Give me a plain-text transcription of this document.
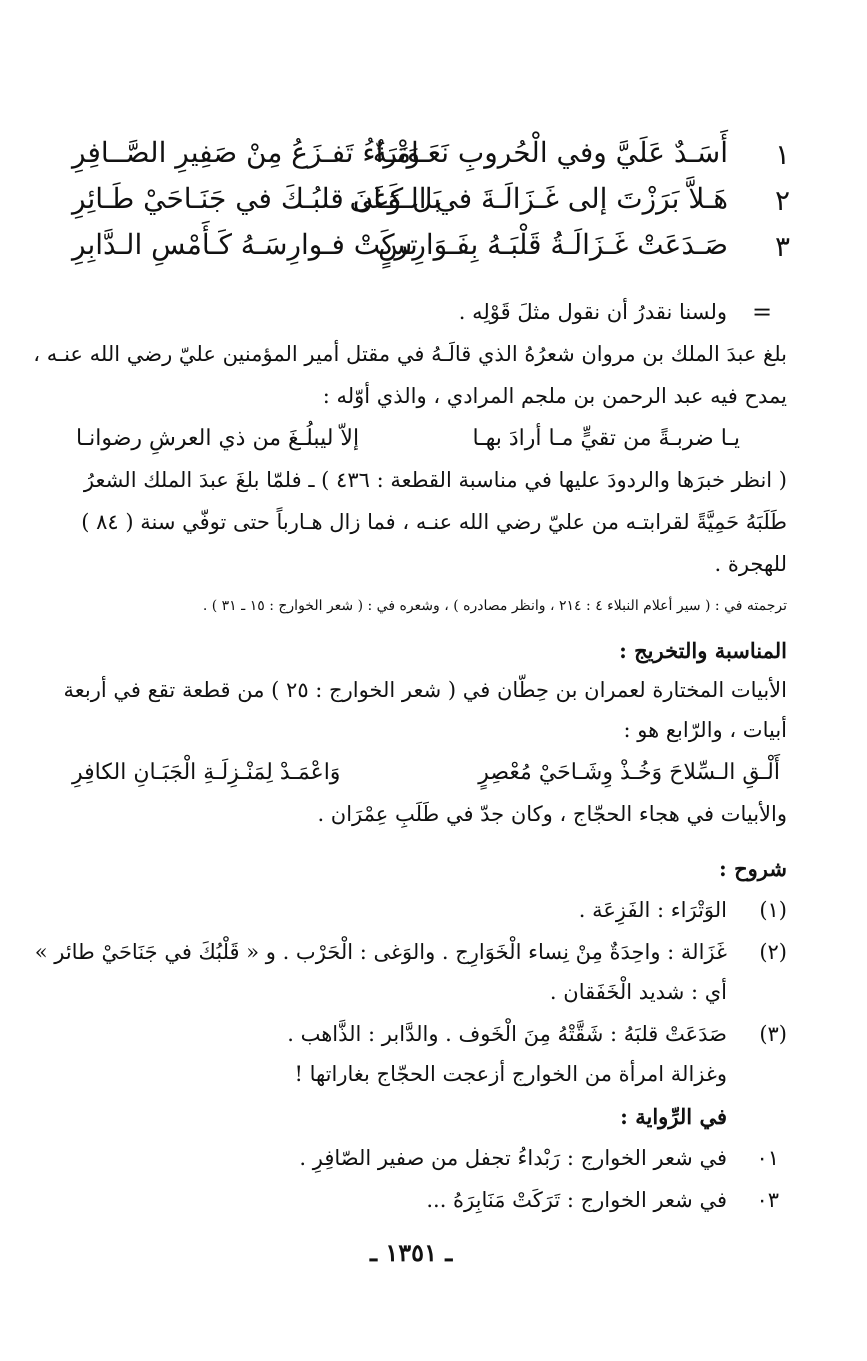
١
أَسَـدٌ عَلَيَّ وفي الْحُروبِ نَعَـامَـةٌ
وَتْرَاءُ تَفـزَعُ مِنْ صَفِيرِ الصَّــافِرِ
٢
هَـلاَّ بَرَزْتَ إلى غَـزَالَـةَ في الـوَغَى
بَل كَـانَ قلبُـكَ في جَنَـاحَيْ طَـائِرِ
٣
صَـدَعَتْ غَـزَالَـةُ قَلْبَـهُ بِفَـوَارِسٍ
تركَتْ فـوارِسَـهُ كَـأَمْسِ الـدَّابِرِ
=
ولسنا نقدرُ أن نقول مثلَ قَوْلِه .
بلغ عبدَ الملك بن مروان شعرُهُ الذي قالَـهُ في مقتل أمير المؤمنين عليّ رضي الله عنـه ،
يمدح فيه عبد الرحمن بن ملجم المرادي ، والذي أوّله :
يـا ضربـةً من تقيٍّ مـا أرادَ بهـا
إلاّ ليبلُـغَ من ذي العرشِ رضوانـا
( انظر خبرَها والردودَ عليها في مناسبة القطعة : ٤٣٦ ) ـ فلمّا بلغَ عبدَ الملك الشعرُ
طَلَبَهُ حَمِيَّةً لقرابتـه من عليّ رضي الله عنـه ، فما زال هـارباً حتى توفّي سنة ( ٨٤ )
للهجرة .
ترجمته في : ( سير أعلام النبلاء ٤ : ٢١٤ ، وانظر مصادره ) ، وشعره في : ( شعر الخوارج : ١٥ ـ ٣١ ) .
المناسبة والتخريج :
الأبيات المختارة لعمران بن حِطّان في ( شعر الخوارج : ٢٥ ) من قطعة تقع في أربعة
أبيات ، والرّابع هو :
أَلْـقِ الـسِّلاحَ وَخُـذْ وِشَـاحَيْ مُعْصِرٍ
وَاعْمَـدْ لِمَنْـزِلَـةِ الْجَبَـانِ الكافِرِ
والأبيات في هجاء الحجّاج ، وكان جدّ في طَلَبِ عِمْرَان .
شروح :
(١)
الوَتْرَاء : الفَزِعَة .
(٢)
غَزَالة : واحِدَةٌ مِنْ نِساء الْخَوَارِج . والوَغى : الْحَرْب . و « قَلْبُكَ في جَنَاحَيْ طائر »
أي : شديد الْخَفَقان .
(٣)
صَدَعَتْ قلبَهُ : شَقَّتْهُ مِنَ الْخَوف . والدَّابر : الذَّاهب .
وغزالة امرأة من الخوارج أزعجت الحجّاج بغاراتها !
في الرِّواية :
٠١
في شعر الخوارج : رَبْداءُ تجفل من صفير الصّافِرِ .
٠٣
في شعر الخوارج : تَرَكَتْ مَنَابِرَهُ ...
ـ ١٣٥١ ـ
